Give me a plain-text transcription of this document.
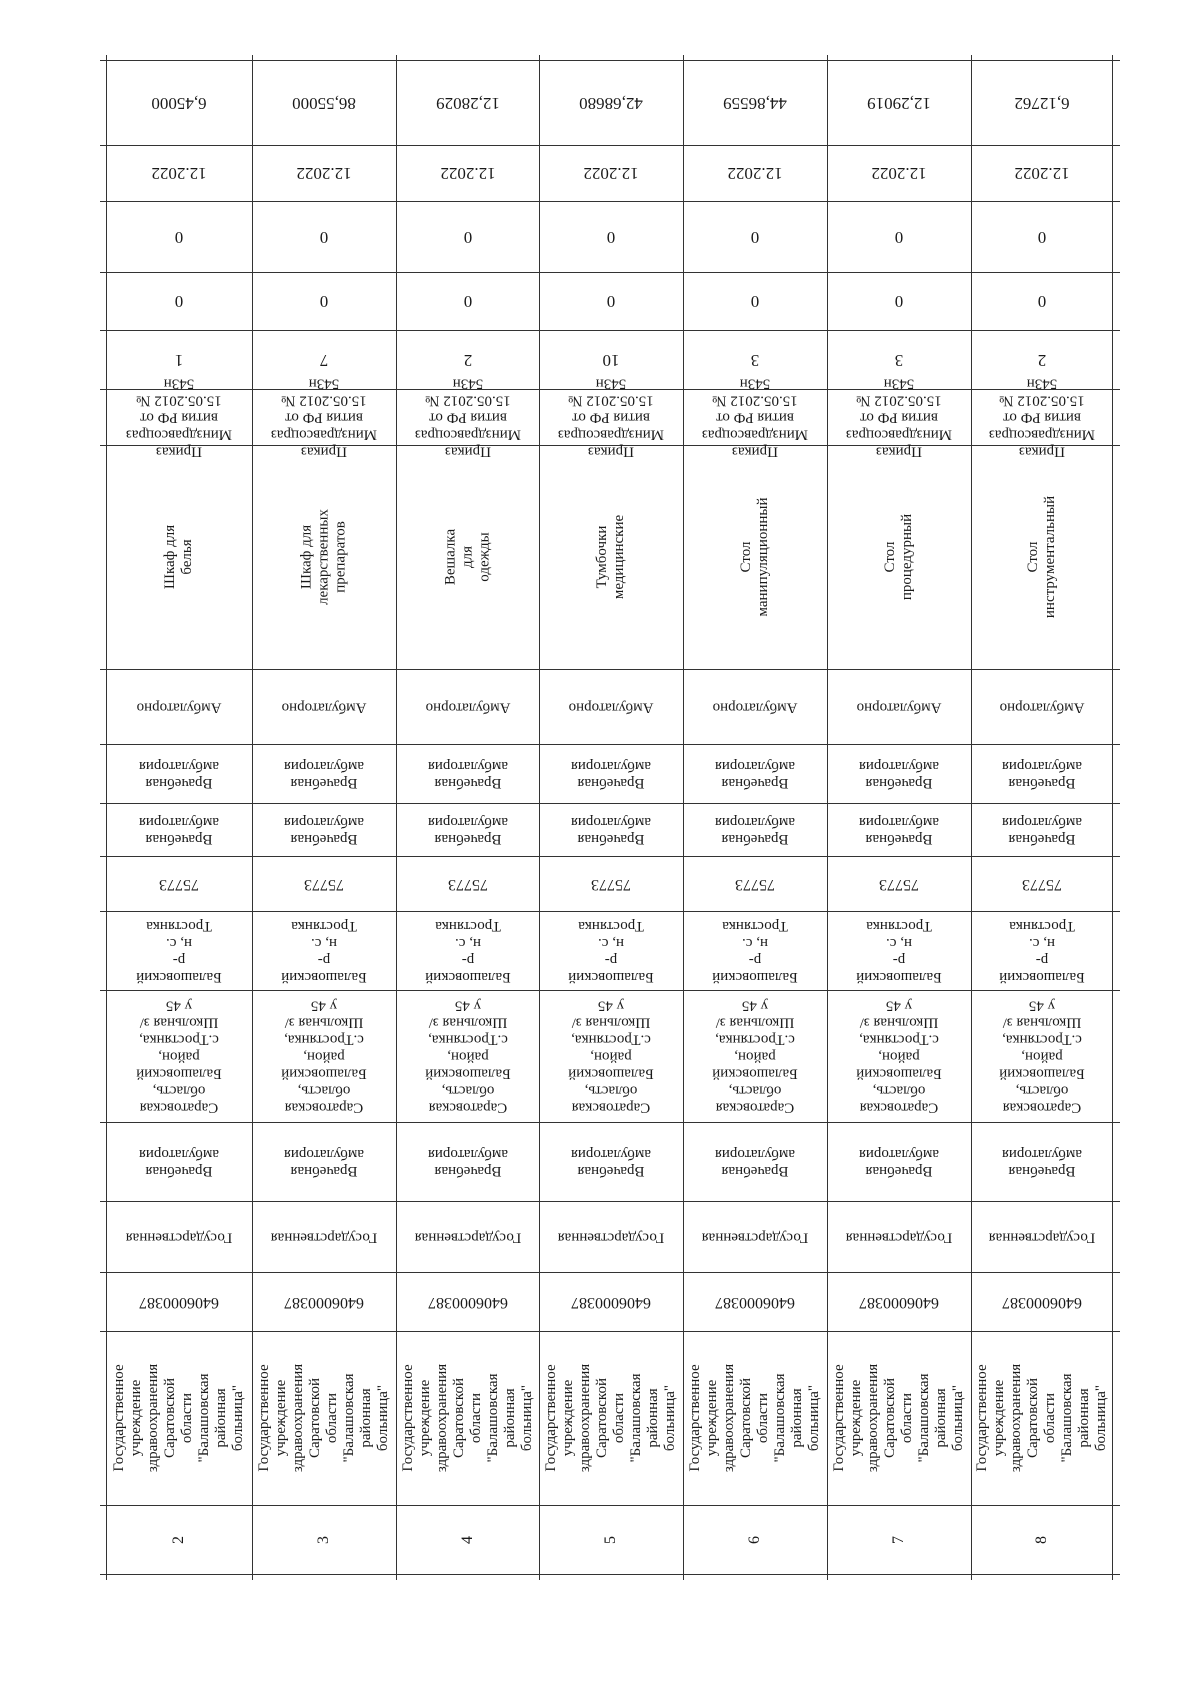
6,45000
12.2022
0
0
1
Приказ
Минздравсоцраз
вития РФ от
15.05.2012 №
543н
Шкаф для белья
Амбулаторно
Врачебная
амбулатория
Врачебная
амбулатория
75773
Балашовский р-
н, с. Тростянка
Саратовская
область,
Балашовский
район,
с.Тростянка,
Школьная з/у 45
Врачебная
амбулатория
Государственная
6406000387
Государственное
учреждение
здравоохранения
Саратовской области
"Балашовская районная
больница"
2
86,55000
12.2022
0
0
7
Приказ
Минздравсоцраз
вития РФ от
15.05.2012 №
543н
Шкаф для лекарственных
препаратов
Амбулаторно
Врачебная
амбулатория
Врачебная
амбулатория
75773
Балашовский р-
н, с. Тростянка
Саратовская
область,
Балашовский
район,
с.Тростянка,
Школьная з/у 45
Врачебная
амбулатория
Государственная
6406000387
Государственное
учреждение
здравоохранения
Саратовской области
"Балашовская районная
больница"
3
12,28029
12.2022
0
0
2
Приказ
Минздравсоцраз
вития РФ от
15.05.2012 №
543н
Вешалка для одежды
Амбулаторно
Врачебная
амбулатория
Врачебная
амбулатория
75773
Балашовский р-
н, с. Тростянка
Саратовская
область,
Балашовский
район,
с.Тростянка,
Школьная з/у 45
Врачебная
амбулатория
Государственная
6406000387
Государственное
учреждение
здравоохранения
Саратовской области
"Балашовская районная
больница"
4
42,68680
12.2022
0
0
10
Приказ
Минздравсоцраз
вития РФ от
15.05.2012 №
543н
Тумбочки медицинские
Амбулаторно
Врачебная
амбулатория
Врачебная
амбулатория
75773
Балашовский р-
н, с. Тростянка
Саратовская
область,
Балашовский
район,
с.Тростянка,
Школьная з/у 45
Врачебная
амбулатория
Государственная
6406000387
Государственное
учреждение
здравоохранения
Саратовской области
"Балашовская районная
больница"
5
44,86559
12.2022
0
0
3
Приказ
Минздравсоцраз
вития РФ от
15.05.2012 №
543н
Стол манипуляционный
Амбулаторно
Врачебная
амбулатория
Врачебная
амбулатория
75773
Балашовский р-
н, с. Тростянка
Саратовская
область,
Балашовский
район,
с.Тростянка,
Школьная з/у 45
Врачебная
амбулатория
Государственная
6406000387
Государственное
учреждение
здравоохранения
Саратовской области
"Балашовская районная
больница"
6
12,29019
12.2022
0
0
3
Приказ
Минздравсоцраз
вития РФ от
15.05.2012 №
543н
Стол процедурный
Амбулаторно
Врачебная
амбулатория
Врачебная
амбулатория
75773
Балашовский р-
н, с. Тростянка
Саратовская
область,
Балашовский
район,
с.Тростянка,
Школьная з/у 45
Врачебная
амбулатория
Государственная
6406000387
Государственное
учреждение
здравоохранения
Саратовской области
"Балашовская районная
больница"
7
6,12762
12.2022
0
0
2
Приказ
Минздравсоцраз
вития РФ от
15.05.2012 №
543н
Стол инструментальный
Амбулаторно
Врачебная
амбулатория
Врачебная
амбулатория
75773
Балашовский р-
н, с. Тростянка
Саратовская
область,
Балашовский
район,
с.Тростянка,
Школьная з/у 45
Врачебная
амбулатория
Государственная
6406000387
Государственное
учреждение
здравоохранения
Саратовской области
"Балашовская районная
больница"
8
